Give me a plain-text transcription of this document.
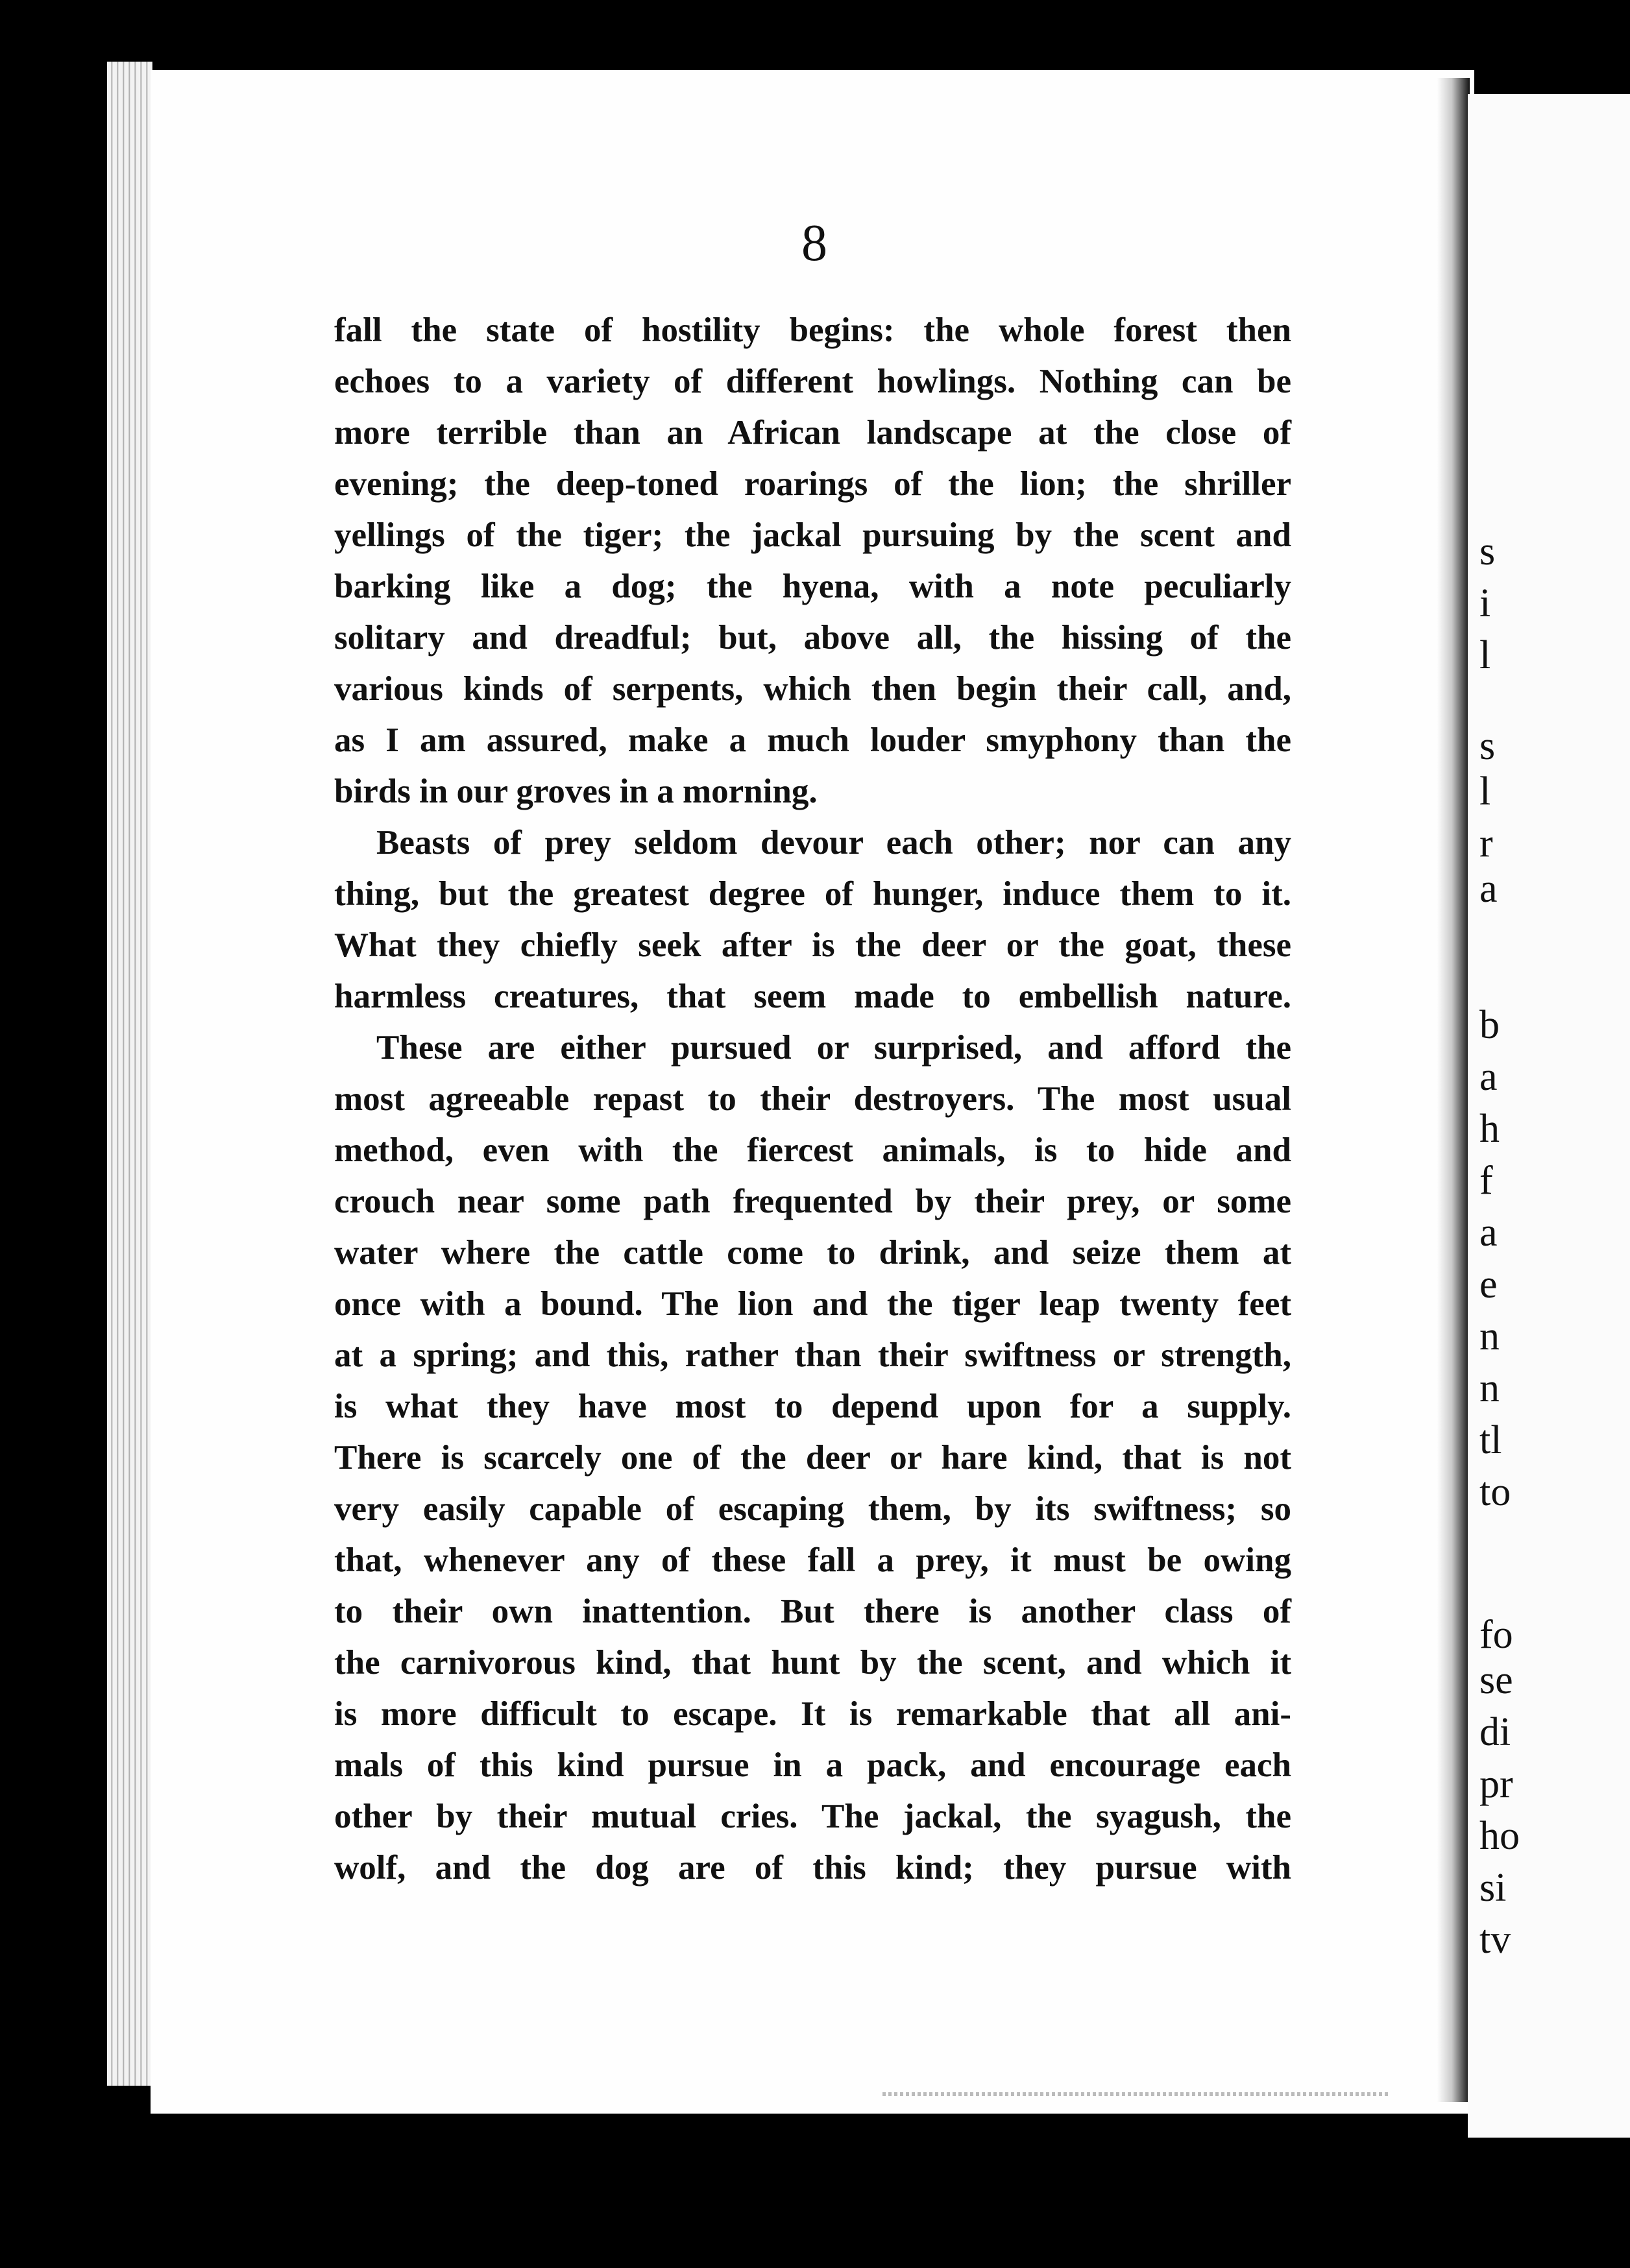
s
i
l
s
l
r
a
b
a
h
f
a
e
n
n
tl
to
fo
se
di
pr
ho
si
tv
8
fall the state of hostility begins: the whole forest then
echoes to a variety of different howlings. Nothing can be
more terrible than an African landscape at the close of
evening; the deep-toned roarings of the lion; the shriller
yellings of the tiger; the jackal pursuing by the scent and
barking like a dog; the hyena, with a note peculiarly
solitary and dreadful; but, above all, the hissing of the
various kinds of serpents, which then begin their call, and,
as I am assured, make a much louder smyphony than the
birds in our groves in a morning.
Beasts of prey seldom devour each other; nor can any
thing, but the greatest degree of hunger, induce them to it.
What they chiefly seek after is the deer or the goat, these
harmless creatures, that seem made to embellish nature.
These are either pursued or surprised, and afford the
most agreeable repast to their destroyers. The most usual
method, even with the fiercest animals, is to hide and
crouch near some path frequented by their prey, or some
water where the cattle come to drink, and seize them at
once with a bound. The lion and the tiger leap twenty feet
at a spring; and this, rather than their swiftness or strength,
is what they have most to depend upon for a supply.
There is scarcely one of the deer or hare kind, that is not
very easily capable of escaping them, by its swiftness; so
that, whenever any of these fall a prey, it must be owing
to their own inattention. But there is another class of
the carnivorous kind, that hunt by the scent, and which it
is more difficult to escape. It is remarkable that all ani-
mals of this kind pursue in a pack, and encourage each
other by their mutual cries. The jackal, the syagush, the
wolf, and the dog are of this kind; they pursue with
